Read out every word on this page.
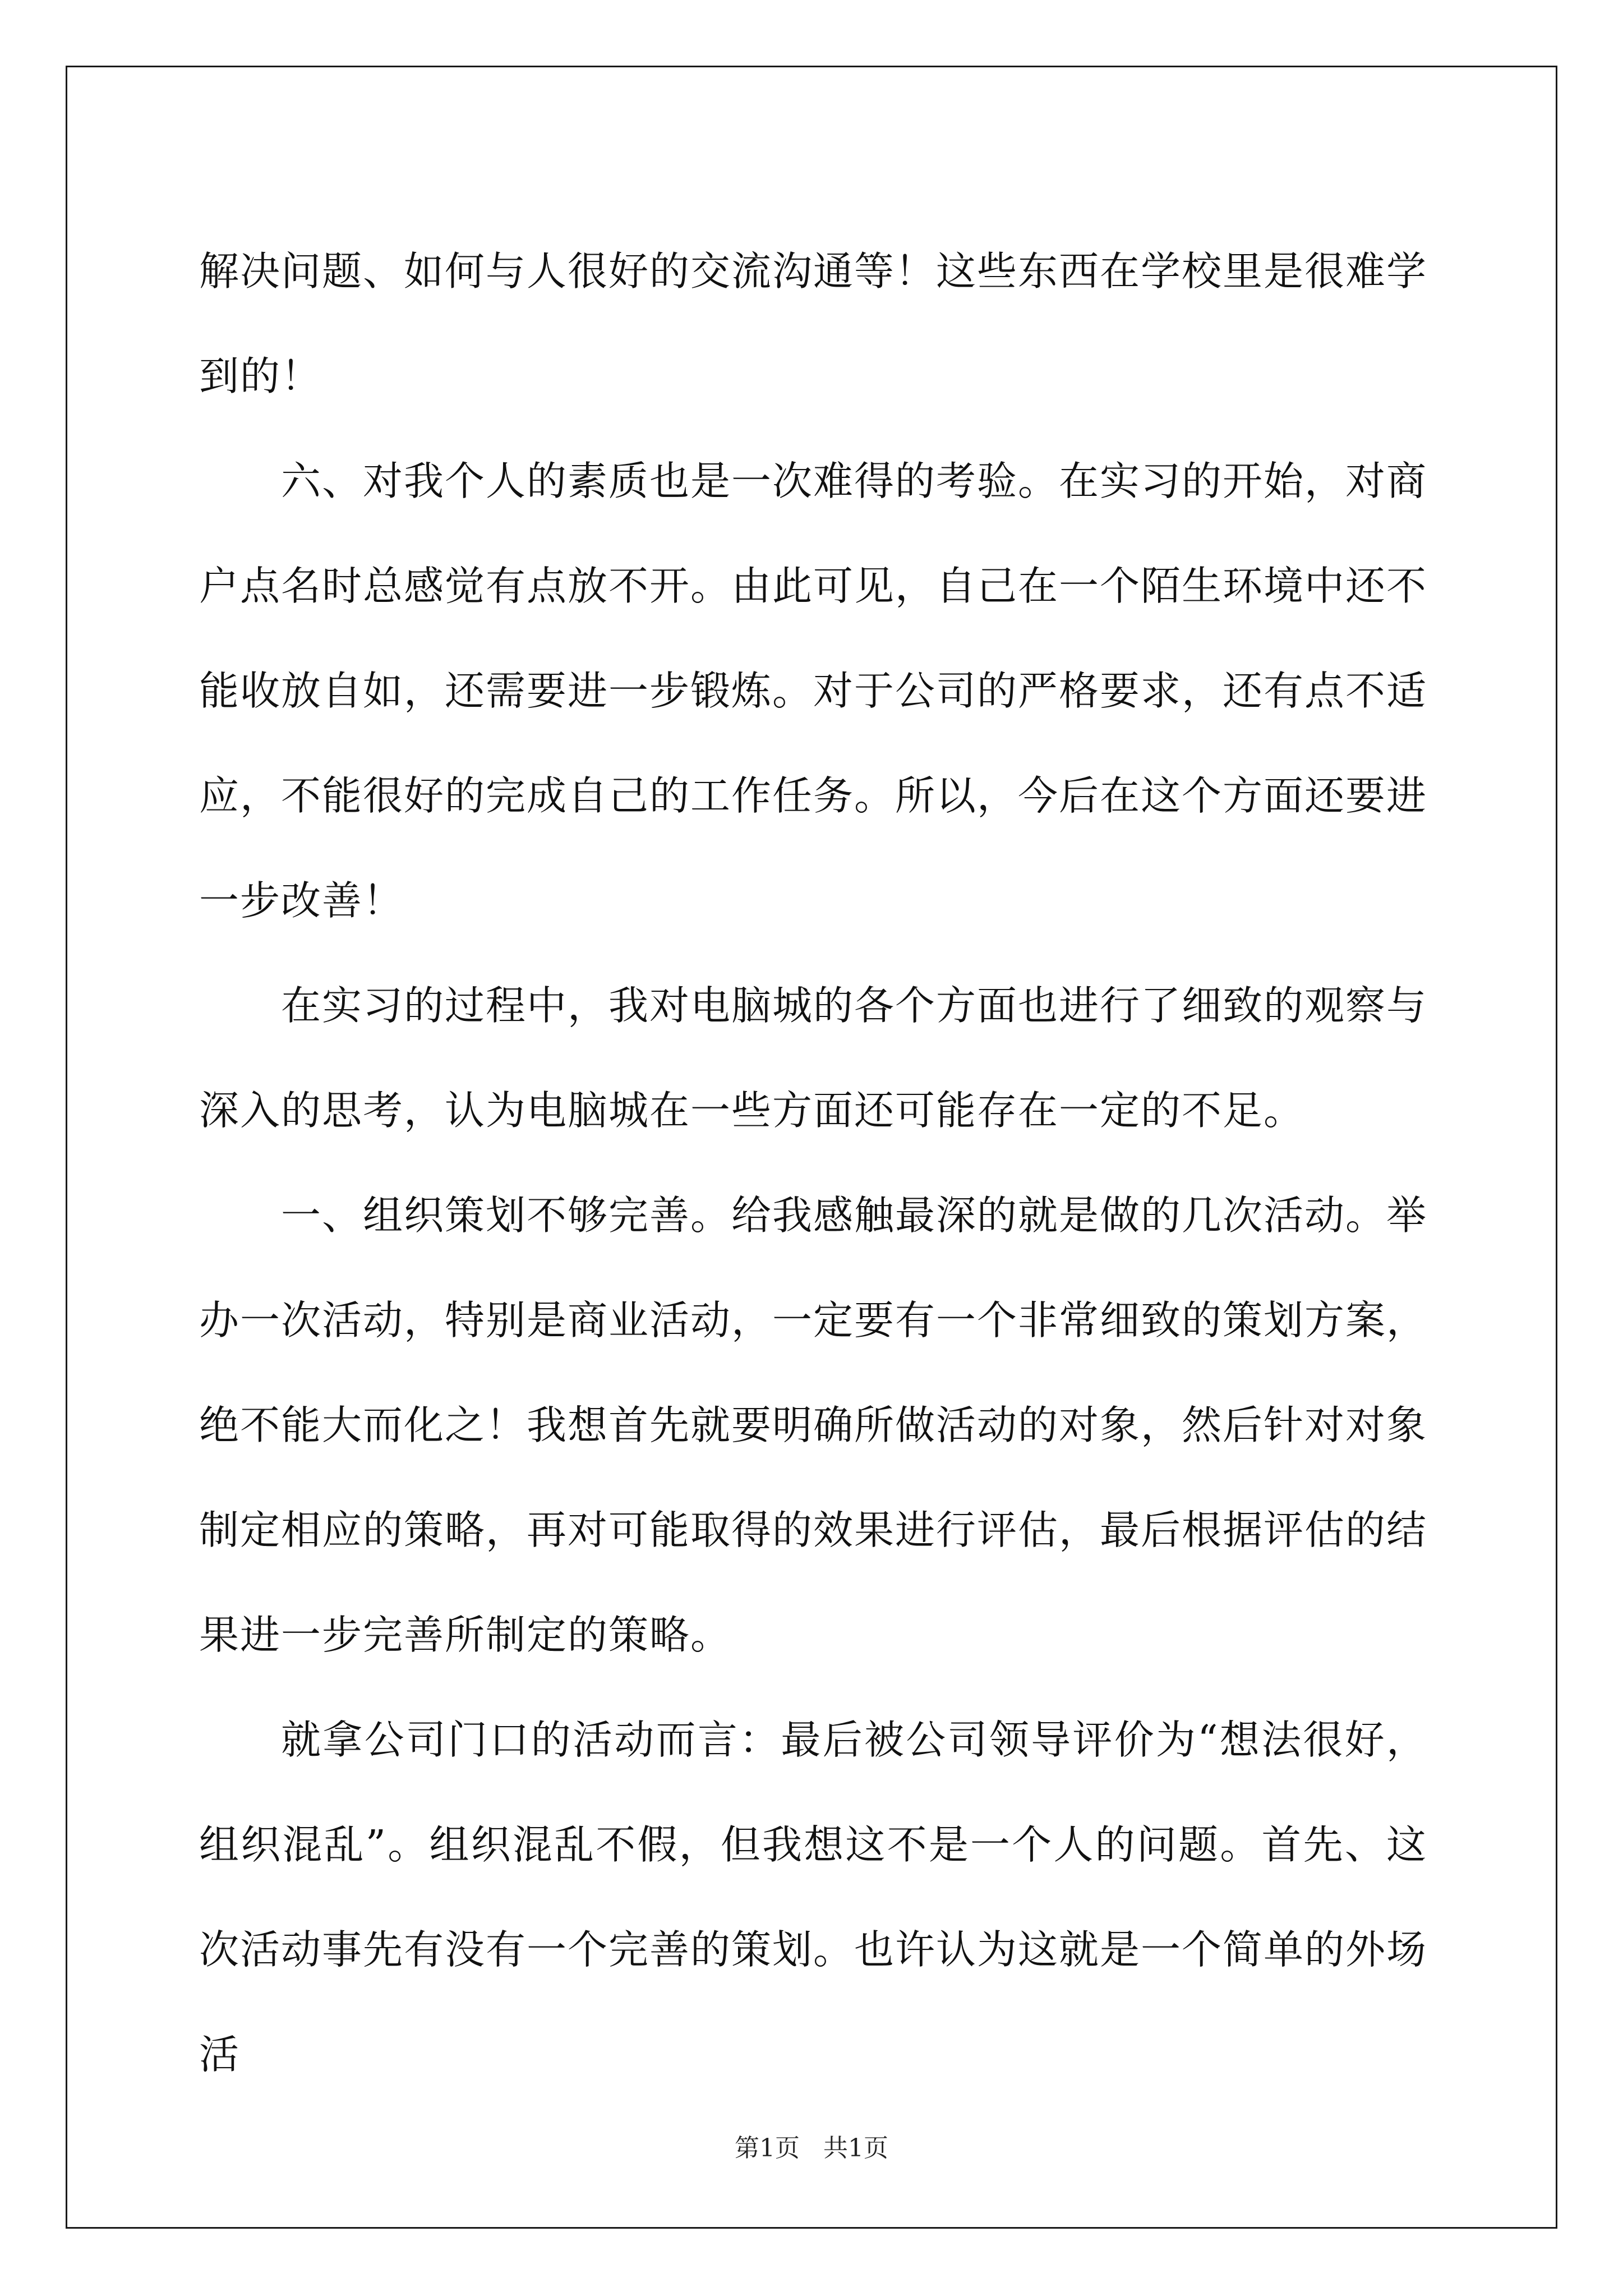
解决问题、如何与人很好的交流沟通等！这些东西在学校里是很难学到的！

六、对我个人的素质也是一次难得的考验。在实习的开始，对商户点名时总感觉有点放不开。由此可见，自己在一个陌生环境中还不能收放自如，还需要进一步锻炼。对于公司的严格要求，还有点不适应，不能很好的完成自己的工作任务。所以，今后在这个方面还要进一步改善！

在实习的过程中，我对电脑城的各个方面也进行了细致的观察与深入的思考，认为电脑城在一些方面还可能存在一定的不足。

一、组织策划不够完善。给我感触最深的就是做的几次活动。举办一次活动，特别是商业活动，一定要有一个非常细致的策划方案，绝不能大而化之！我想首先就要明确所做活动的对象，然后针对对象制定相应的策略，再对可能取得的效果进行评估，最后根据评估的结果进一步完善所制定的策略。

就拿公司门口的活动而言：最后被公司领导评价为“想法很好，组织混乱”。组织混乱不假，但我想这不是一个人的问题。首先、这次活动事先有没有一个完善的策划。也许认为这就是一个简单的外场活

第1页   共1页
